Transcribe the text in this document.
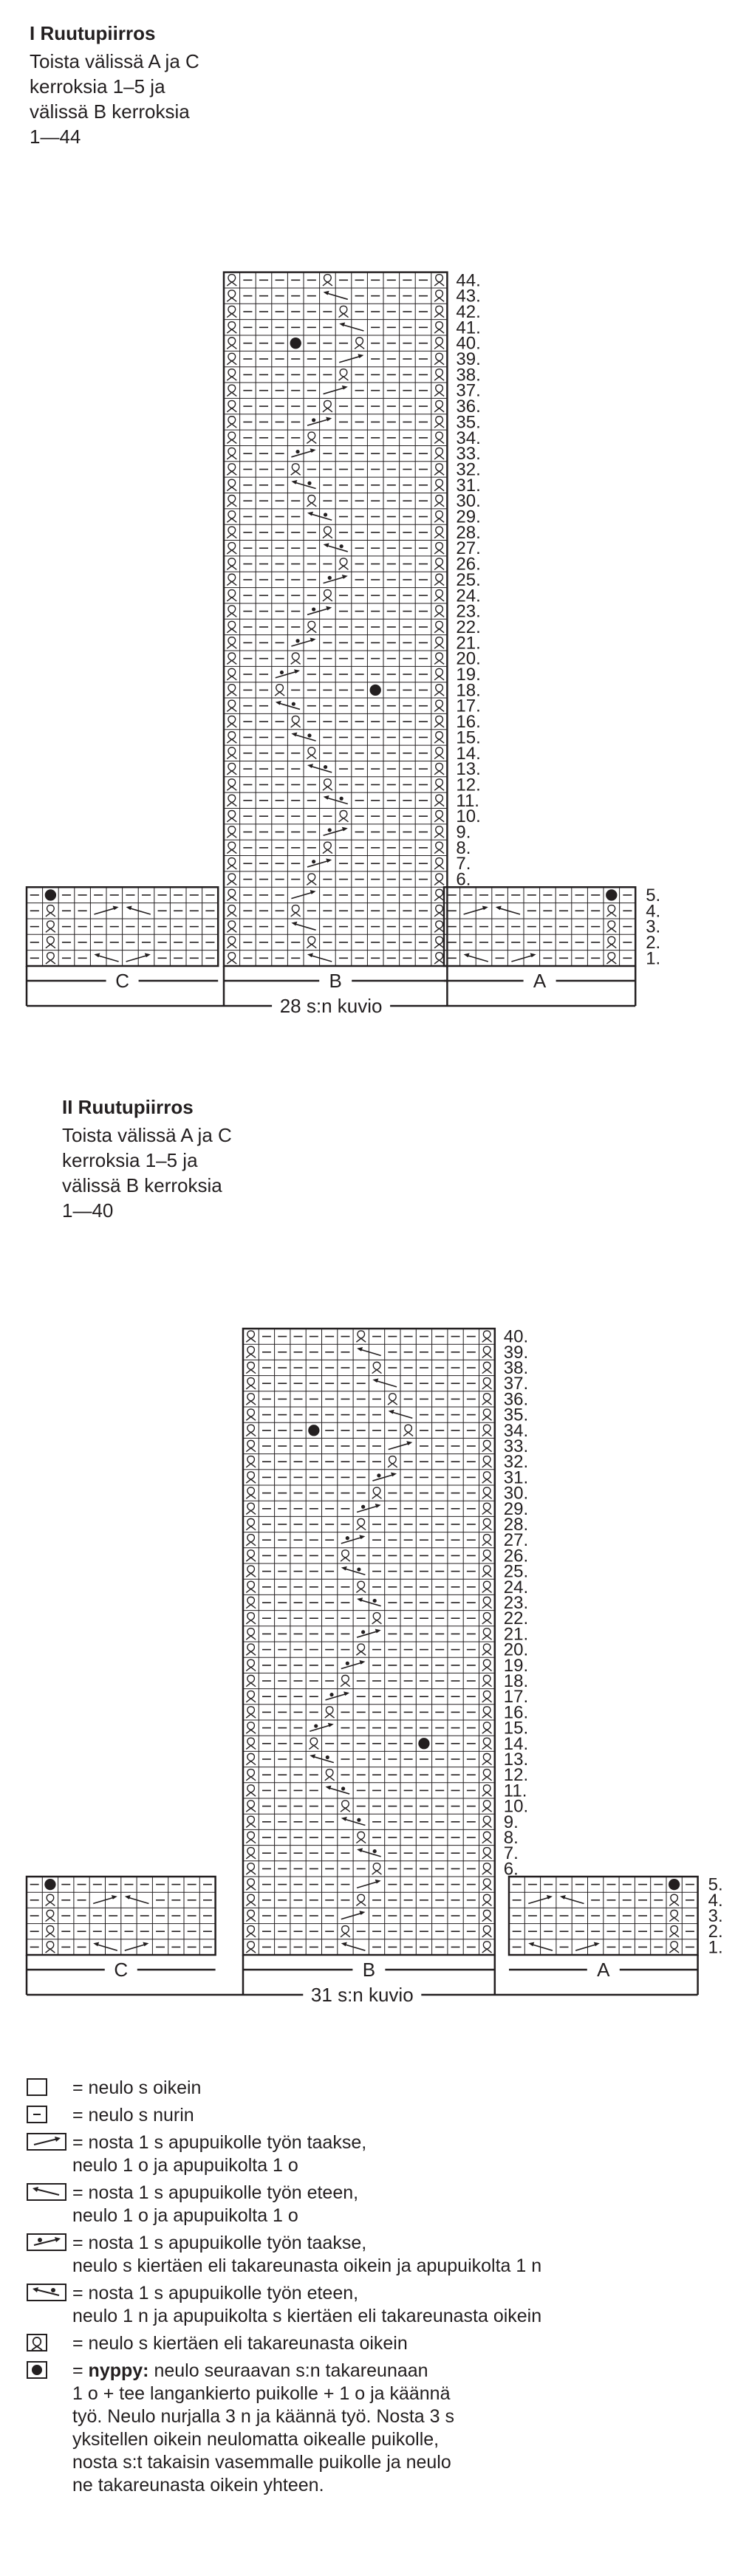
I Ruutupiirros
Toista välissä A ja C
kerroksia 1–5 ja
välissä B kerroksia
1—44
II Ruutupiirros
Toista välissä A ja C
kerroksia 1–5 ja
välissä B kerroksia
1—40
1.
2.
3.
4.
5.
6.
7.
8.
9.
10.
11.
12.
13.
14.
15.
16.
17.
18.
19.
20.
21.
22.
23.
24.
25.
26.
27.
28.
29.
30.
31.
32.
33.
34.
35.
36.
37.
38.
39.
40.
41.
42.
43.
44.
C	B	A
28 s:n kuvio
1.
2.
3.
4.
5.
6.
7.
8.
9.
10.
11.
12.
13.
14.
15.
16.
17.
18.
19.
20.
21.
22.
23.
24.
25.
26.
27.
28.
29.
30.
31.
32.
33.
34.
35.
36.
37.
38.
39.
40.
C	B	A
31 s:n kuvio
= neulo s oikein
= neulo s nurin
= nosta 1 s apupuikolle työn taakse,
neulo 1 o ja apupuikolta 1 o
= nosta 1 s apupuikolle työn eteen,
neulo 1 o ja apupuikolta 1 o
= nosta 1 s apupuikolle työn taakse,
neulo s kiertäen eli takareunasta oikein ja apupuikolta 1 n
= nosta 1 s apupuikolle työn eteen,
neulo 1 n ja apupuikolta s kiertäen eli takareunasta oikein
= neulo s kiertäen eli takareunasta oikein
= nyppy: neulo seuraavan s:n takareunaan
1 o + tee langankierto puikolle + 1 o ja käännä
työ. Neulo nurjalla 3 n ja käännä työ. Nosta 3 s
yksitellen oikein neulomatta oikealle puikolle,
nosta s:t takaisin vasemmalle puikolle ja neulo
ne takareunasta oikein yhteen.
